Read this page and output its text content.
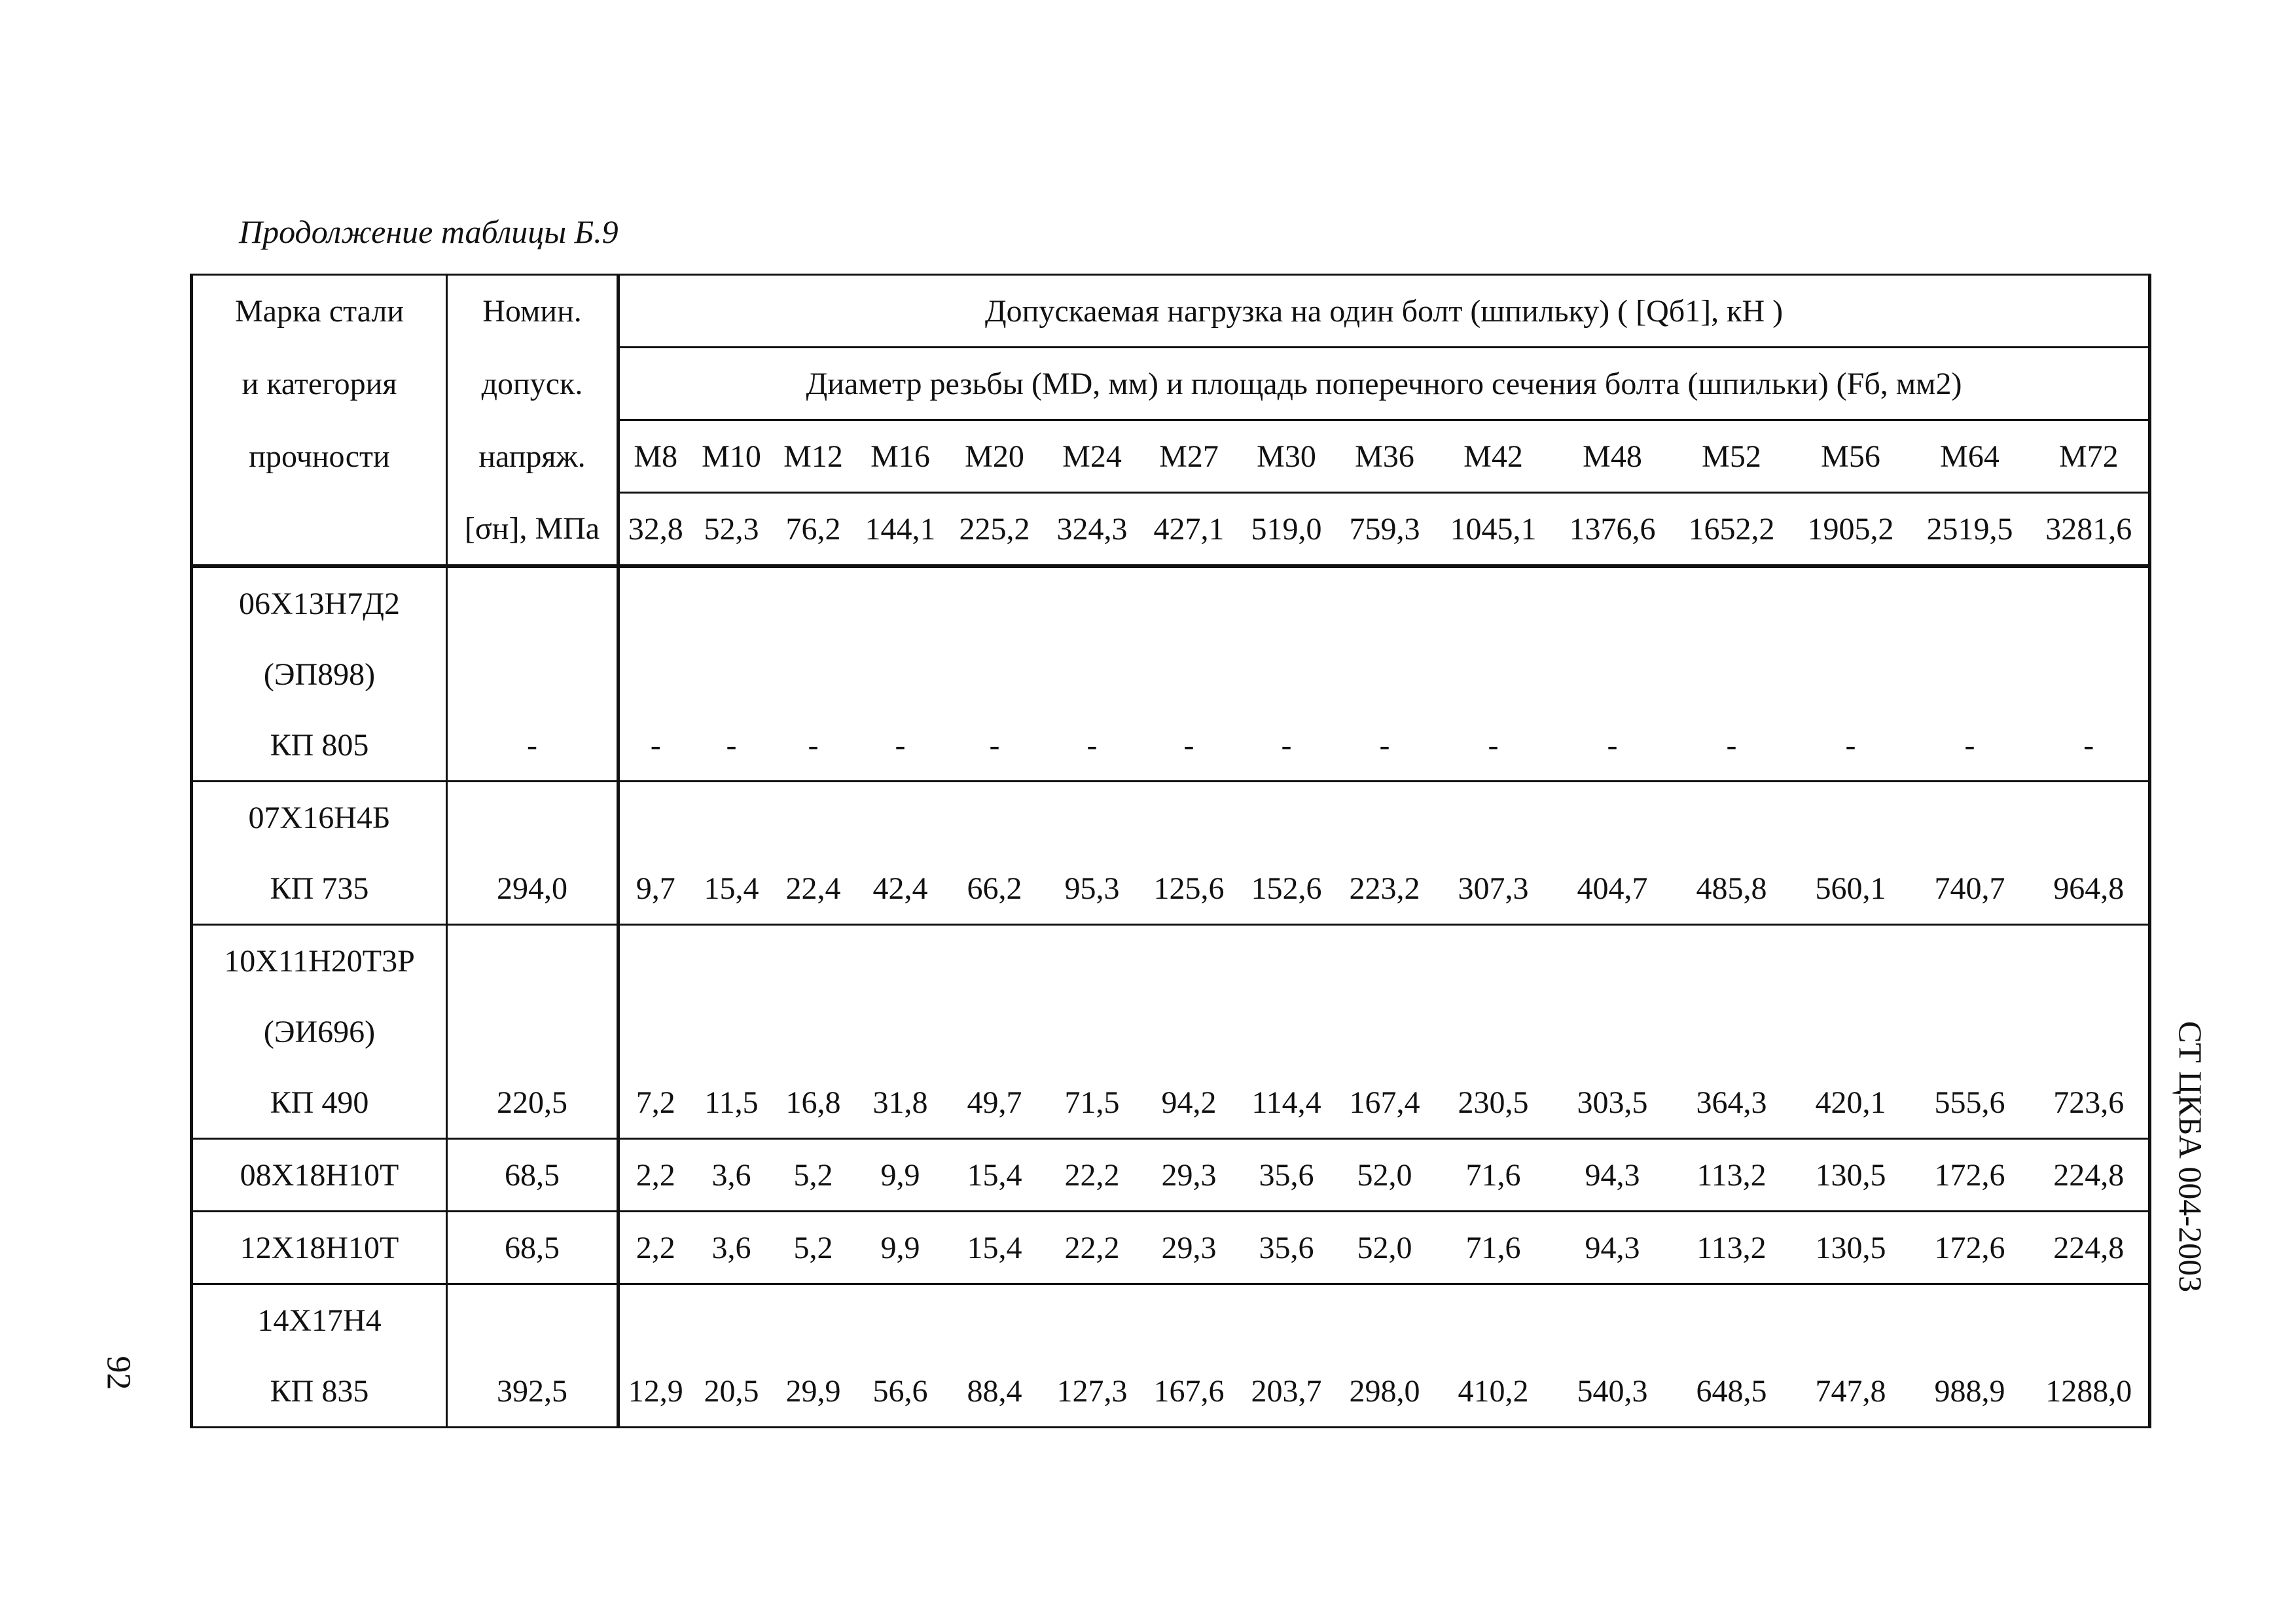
Продолжение таблицы Б.9
92
СТ ЦКБА 004-2003
Марка стали	Номин.	Допускаемая нагрузка на один болт (шпильку) ( [Qб1], кН )														
и категория	допуск.	Диаметр резьбы (MD, мм) и площадь поперечного сечения болта (шпильки) (Fб, мм2)														
прочности	напряж.	М8	М10	М12	М16	М20	М24	М27	М30	М36	М42	М48	М52	М56	М64	М72
	[σн], МПа	32,8	52,3	76,2	144,1	225,2	324,3	427,1	519,0	759,3	1045,1	1376,6	1652,2	1905,2	2519,5	3281,6
06Х13Н7Д2																
(ЭП898)																
КП 805	-	-	-	-	-	-	-	-	-	-	-	-	-	-	-	-
07Х16Н4Б																
КП 735	294,0	9,7	15,4	22,4	42,4	66,2	95,3	125,6	152,6	223,2	307,3	404,7	485,8	560,1	740,7	964,8
10Х11Н20Т3Р																
(ЭИ696)																
КП 490	220,5	7,2	11,5	16,8	31,8	49,7	71,5	94,2	114,4	167,4	230,5	303,5	364,3	420,1	555,6	723,6
08Х18Н10Т	68,5	2,2	3,6	5,2	9,9	15,4	22,2	29,3	35,6	52,0	71,6	94,3	113,2	130,5	172,6	224,8
12Х18Н10Т	68,5	2,2	3,6	5,2	9,9	15,4	22,2	29,3	35,6	52,0	71,6	94,3	113,2	130,5	172,6	224,8
14Х17Н4																
КП 835	392,5	12,9	20,5	29,9	56,6	88,4	127,3	167,6	203,7	298,0	410,2	540,3	648,5	747,8	988,9	1288,0
